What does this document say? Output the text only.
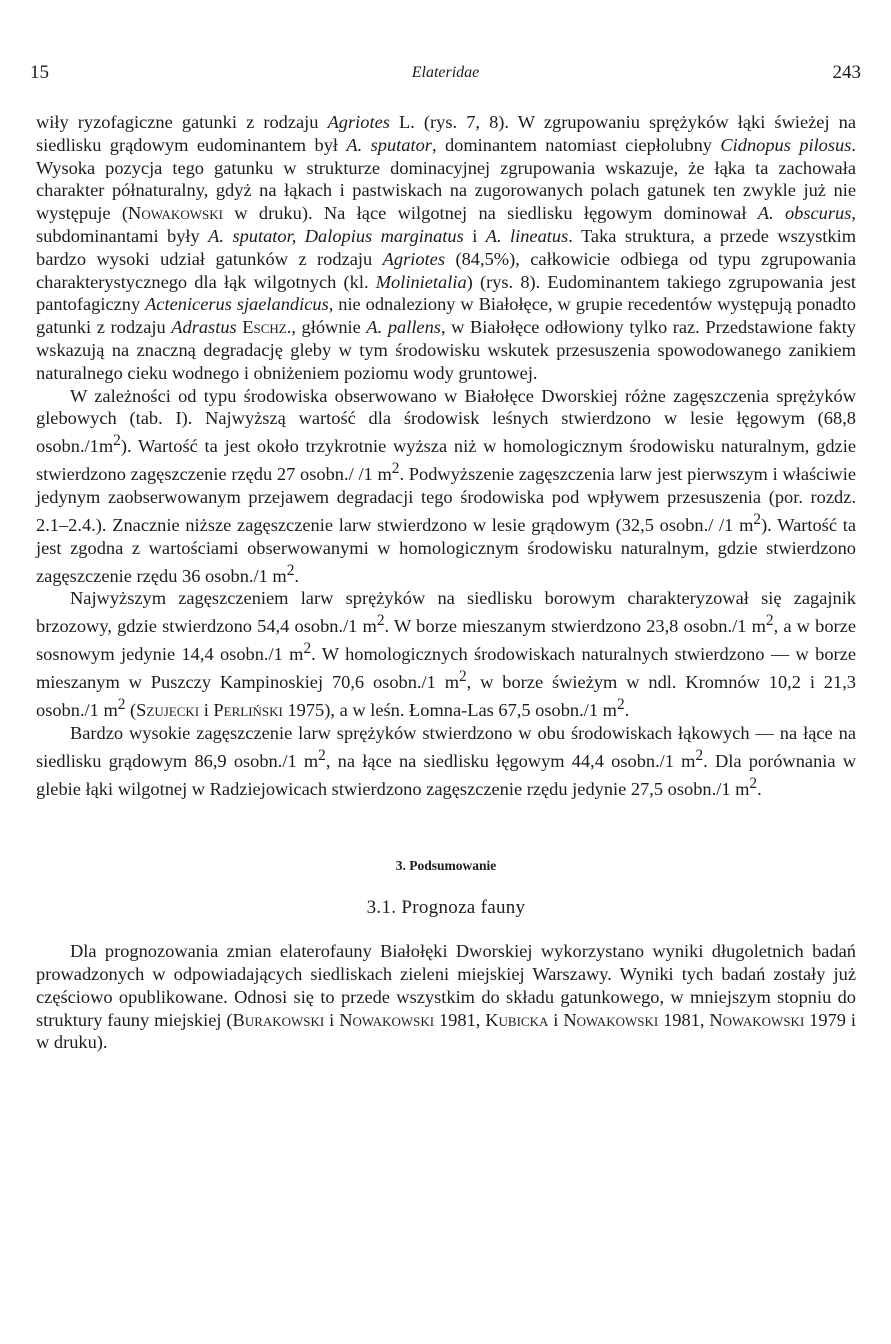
15	Elateridae	243

wiły ryzofagiczne gatunki z rodzaju Agriotes L. (rys. 7, 8). W zgrupowaniu sprężyków łąki świeżej na siedlisku grądowym eudominantem był A. sputator, dominantem natomiast ciepłolubny Cidnopus pilosus. Wysoka pozycja tego gatunku w strukturze dominacyjnej zgrupowania wskazuje, że łąka ta zachowała charakter półnaturalny, gdyż na łąkach i pastwiskach na zugorowanych polach gatunek ten zwykle już nie występuje (Nowakowski w druku). Na łące wilgotnej na siedlisku łęgowym dominował A. obscurus, subdominantami były A. sputator, Dalopius marginatus i A. lineatus. Taka struktura, a przede wszystkim bardzo wysoki udział gatunków z rodzaju Agriotes (84,5%), całkowicie odbiega od typu zgrupowania charakterystycznego dla łąk wilgotnych (kl. Molinietalia) (rys. 8). Eudominantem takiego zgrupowania jest pantofagiczny Actenicerus sjaelandicus, nie odnaleziony w Białołęce, w grupie recedentów występują ponadto gatunki z rodzaju Adrastus Eschz., głównie A. pallens, w Białołęce odłowiony tylko raz. Przedstawione fakty wskazują na znaczną degradację gleby w tym środowisku wskutek przesuszenia spowodowanego zanikiem naturalnego cieku wodnego i obniżeniem poziomu wody gruntowej.

W zależności od typu środowiska obserwowano w Białołęce Dworskiej różne zagęszczenia sprężyków glebowych (tab. I). Najwyższą wartość dla środowisk leśnych stwierdzono w lesie łęgowym (68,8 $osobn./1m^2$). Wartość ta jest około trzykrotnie wyższa niż w homologicznym środowisku naturalnym, gdzie stwierdzono zagęszczenie rzędu 27 osobn./ /1 $m^2$. Podwyższenie zagęszczenia larw jest pierwszym i właściwie jedynym zaobserwowanym przejawem degradacji tego środowiska pod wpływem przesuszenia (por. rozdz. 2.1–2.4.). Znacznie niższe zagęszczenie larw stwierdzono w lesie grądowym (32,5 osobn./ /1 $m^2$). Wartość ta jest zgodna z wartościami obserwowanymi w homologicznym środowisku naturalnym, gdzie stwierdzono zagęszczenie rzędu 36 osobn./1 $m^2$.

Najwyższym zagęszczeniem larw sprężyków na siedlisku borowym charakteryzował się zagajnik brzozowy, gdzie stwierdzono 54,4 osobn./1 $m^2$. W borze mieszanym stwierdzono 23,8 osobn./1 $m^2$, a w borze sosnowym jedynie 14,4 osobn./1 $m^2$. W homologicznych środowiskach naturalnych stwierdzono — w borze mieszanym w Puszczy Kampinoskiej 70,6 osobn./1 $m^2$, w borze świeżym w ndl. Kromnów 10,2 i 21,3 osobn./1 $m^2$ (Szujecki i Perliński 1975), a w leśn. Łomna-Las 67,5 osobn./1 $m^2$.

Bardzo wysokie zagęszczenie larw sprężyków stwierdzono w obu środowiskach łąkowych — na łące na siedlisku grądowym 86,9 osobn./1 $m^2$, na łące na siedlisku łęgowym 44,4 osobn./1 $m^2$. Dla porównania w glebie łąki wilgotnej w Radziejowicach stwierdzono zagęszczenie rzędu jedynie 27,5 osobn./1 $m^2$.

3. Podsumowanie
3.1. Prognoza fauny

Dla prognozowania zmian elaterofauny Białołęki Dworskiej wykorzystano wyniki długoletnich badań prowadzonych w odpowiadających siedliskach zieleni miejskiej Warszawy. Wyniki tych badań zostały już częściowo opublikowane. Odnosi się to przede wszystkim do składu gatunkowego, w mniejszym stopniu do struktury fauny miejskiej (Burakowski i Nowakowski 1981, Kubicka i Nowakowski 1981, Nowakowski 1979 i w druku).
